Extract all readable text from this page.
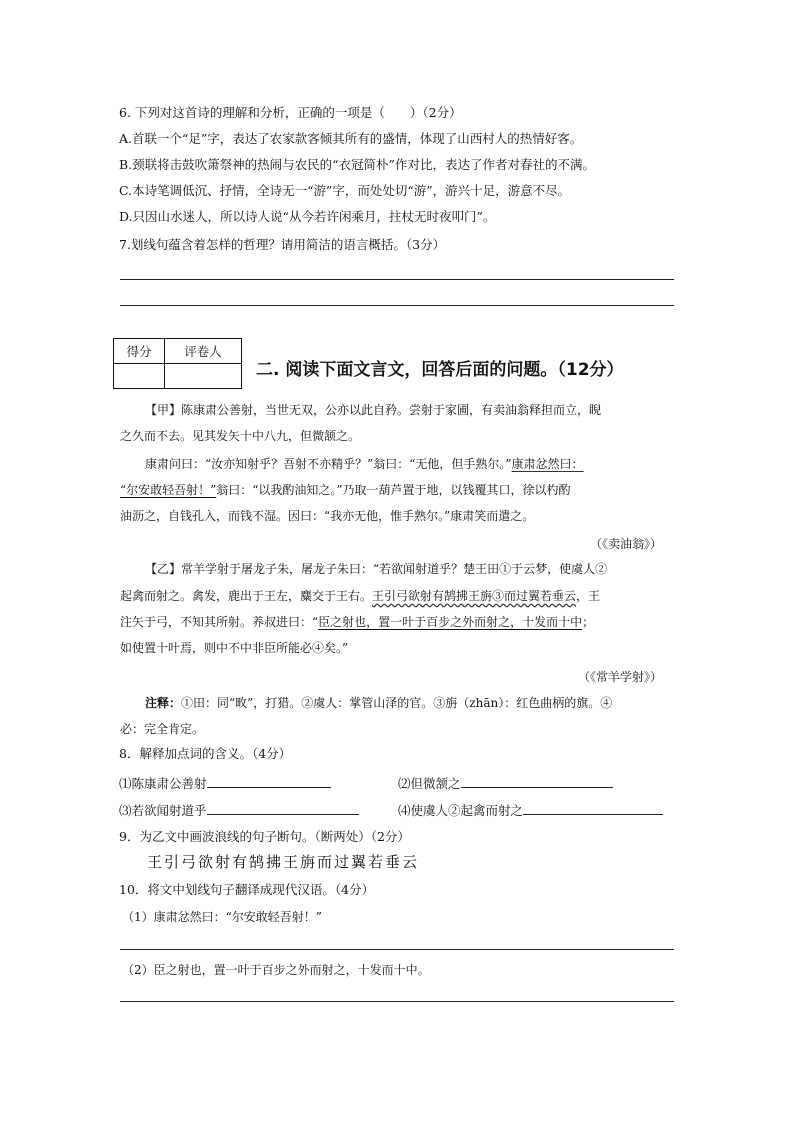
6. 下列对这首诗的理解和分析，正确的一项是（　　）（2分）
A.首联一个“足”字，表达了农家款客倾其所有的盛情，体现了山西村人的热情好客。
B.颈联将击鼓吹箫祭神的热闹与农民的“衣冠简朴”作对比，表达了作者对春社的不满。
C.本诗笔调低沉、抒情，全诗无一“游”字，而处处切“游”，游兴十足，游意不尽。
D.只因山水迷人，所以诗人说“从今若许闲乘月，拄杖无时夜叩门”。
7.划线句蕴含着怎样的哲理？请用简洁的语言概括。（3分）
得分	评卷人

二. 阅读下面文言文，回答后面的问题。（12分）
【甲】陈康肃公善射，当世无双，公亦以此自矜。尝射于家圃，有卖油翁释担而立，睨
之久而不去。见其发矢十中八九，但微颔之。
康肃问曰：“汝亦知射乎？吾射不亦精乎？”翁曰：“无他，但手熟尔。”康肃忿然曰：
“尔安敢轻吾射！”翁曰：“以我酌油知之。”乃取一葫芦置于地，以钱覆其口，徐以杓酌
油沥之，自钱孔入，而钱不湿。因曰：“我亦无他，惟手熟尔。”康肃笑而遣之。
（《卖油翁》）
【乙】常羊学射于屠龙子朱，屠龙子朱曰：“若欲闻射道乎？楚王田①于云梦，使虞人②
起禽而射之。禽发，鹿出于王左，麋交于王右。王引弓欲射有鹄拂王旃③而过翼若垂云，王
注矢于弓，不知其所射。养叔进曰：“臣之射也，置一叶于百步之外而射之，十发而十中；
如使置十叶焉，则中不中非臣所能必④矣。”
（《常羊学射》）
注释：①田：同“畋”，打猎。②虞人：掌管山泽的官。③旃（zhān）：红色曲柄的旗。④
必：完全肯定。
8．解释加点词的含义。（4分）
⑴陈康肃公善射	⑵但微颔之
⑶若欲闻射道乎	⑷使虞人②起禽而射之
9．为乙文中画波浪线的句子断句。（断两处）（2分）
王引弓欲射有鹄拂王旃而过翼若垂云
10．将文中划线句子翻译成现代汉语。（4分）
（1）康肃忿然曰：“尔安敢轻吾射！”
（2）臣之射也，置一叶于百步之外而射之，十发而十中。
